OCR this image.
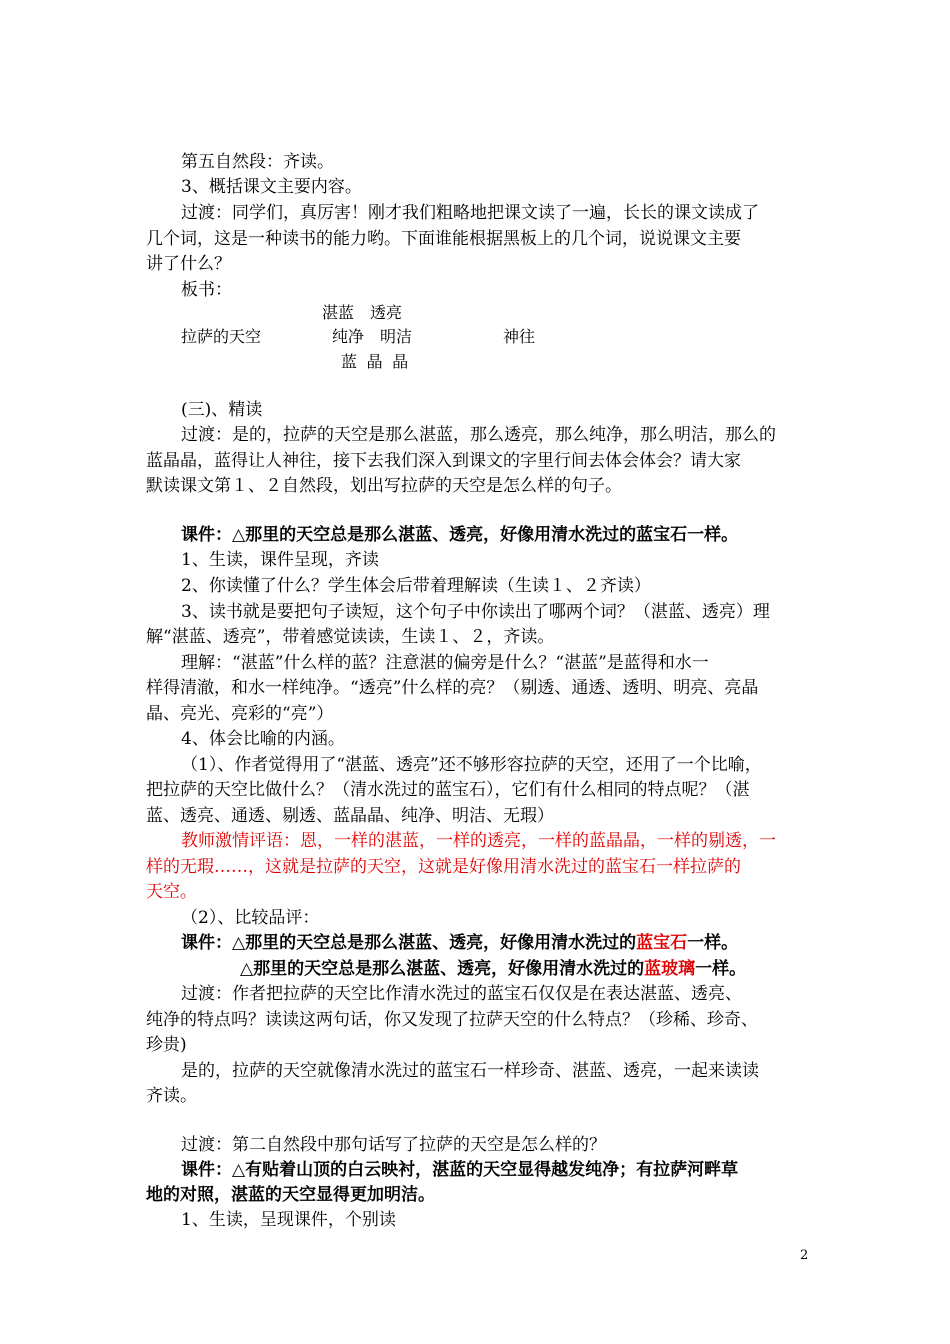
第五自然段：齐读。
3、概括课文主要内容。
过渡：同学们，真厉害！刚才我们粗略地把课文读了一遍，长长的课文读成了
几个词，这是一种读书的能力哟。下面谁能根据黑板上的几个词，说说课文主要
讲了什么？
板书：
湛蓝　透亮
拉萨的天空	纯净　明洁	神往
蓝 晶 晶
(三)、精读
过渡：是的，拉萨的天空是那么湛蓝，那么透亮，那么纯净，那么明洁，那么的
蓝晶晶，蓝得让人神往，接下去我们深入到课文的字里行间去体会体会？请大家
默读课文第１、２自然段，划出写拉萨的天空是怎么样的句子。
课件：△那里的天空总是那么湛蓝、透亮，好像用清水洗过的蓝宝石一样。
1、生读，课件呈现，齐读
2、你读懂了什么？学生体会后带着理解读（生读１、２齐读）
3、读书就是要把句子读短，这个句子中你读出了哪两个词？（湛蓝、透亮）理
解“湛蓝、透亮”，带着感觉读读，生读１、２，齐读。
理解：“湛蓝”什么样的蓝？注意湛的偏旁是什么？“湛蓝”是蓝得和水一
样得清澈，和水一样纯净。“透亮”什么样的亮？（剔透、通透、透明、明亮、亮晶
晶、亮光、亮彩的“亮”）
4、体会比喻的内涵。
（1）、作者觉得用了“湛蓝、透亮”还不够形容拉萨的天空，还用了一个比喻，
把拉萨的天空比做什么？（清水洗过的蓝宝石），它们有什么相同的特点呢？（湛
蓝、透亮、通透、剔透、蓝晶晶、纯净、明洁、无瑕）
教师激情评语：恩，一样的湛蓝，一样的透亮，一样的蓝晶晶，一样的剔透，一
样的无瑕……，这就是拉萨的天空，这就是好像用清水洗过的蓝宝石一样拉萨的
天空。
（2）、比较品评：
课件：△那里的天空总是那么湛蓝、透亮，好像用清水洗过的蓝宝石一样。
△那里的天空总是那么湛蓝、透亮，好像用清水洗过的蓝玻璃一样。
过渡：作者把拉萨的天空比作清水洗过的蓝宝石仅仅是在表达湛蓝、透亮、
纯净的特点吗？读读这两句话，你又发现了拉萨天空的什么特点？（珍稀、珍奇、
珍贵)
是的，拉萨的天空就像清水洗过的蓝宝石一样珍奇、湛蓝、透亮，一起来读读
齐读。
过渡：第二自然段中那句话写了拉萨的天空是怎么样的？
课件：△有贴着山顶的白云映衬，湛蓝的天空显得越发纯净；有拉萨河畔草
地的对照，湛蓝的天空显得更加明洁。
1、生读，呈现课件，个别读
2
